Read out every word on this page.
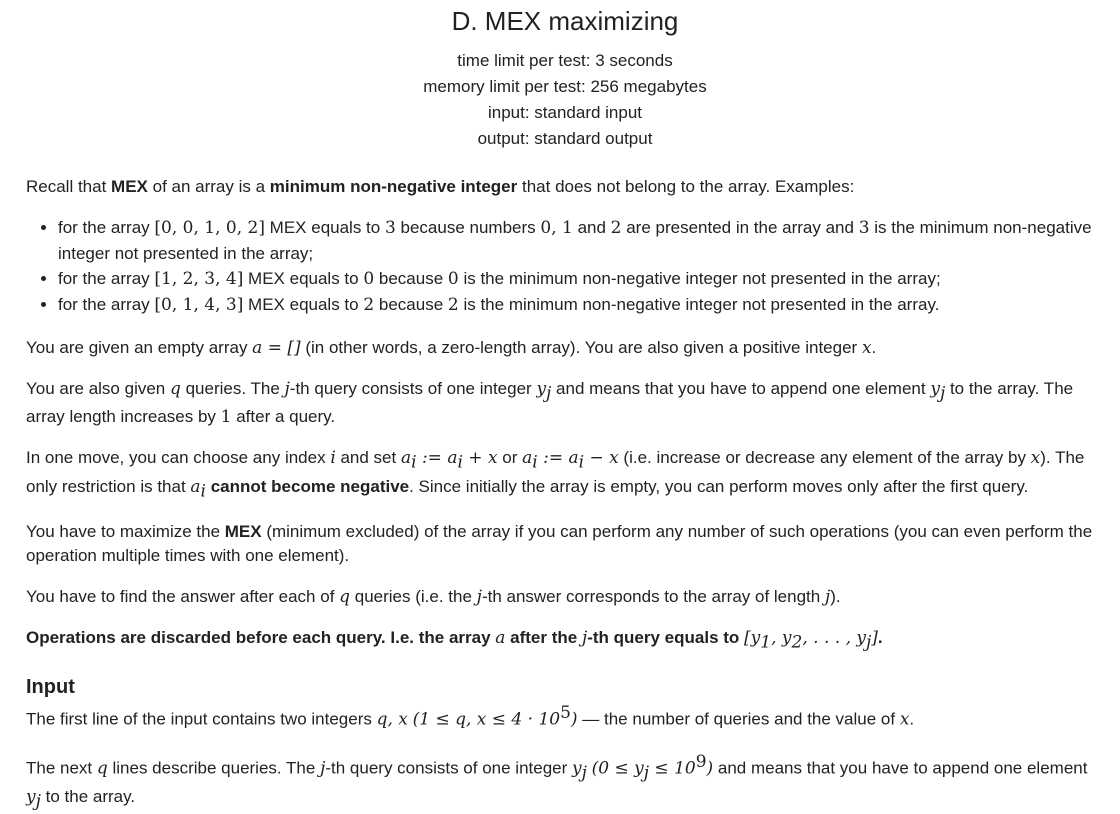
D. MEX maximizing
time limit per test: 3 seconds
memory limit per test: 256 megabytes
input: standard input
output: standard output

Recall that MEX of an array is a minimum non-negative integer that does not belong to the array. Examples:

• for the array [0, 0, 1, 0, 2] MEX equals to 3 because numbers 0, 1 and 2 are presented in the array and 3 is the minimum non-negative integer not presented in the array;
• for the array [1, 2, 3, 4] MEX equals to 0 because 0 is the minimum non-negative integer not presented in the array;
• for the array [0, 1, 4, 3] MEX equals to 2 because 2 is the minimum non-negative integer not presented in the array.

You are given an empty array a = [] (in other words, a zero-length array). You are also given a positive integer x.

You are also given q queries. The j-th query consists of one integer $y_j$ and means that you have to append one element $y_j$ to the array. The array length increases by 1 after a query.

In one move, you can choose any index i and set $a_i$ := $a_i + x$ or $a_i$ := $a_i - x$ (i.e. increase or decrease any element of the array by x). The only restriction is that $a_i$ cannot become negative. Since initially the array is empty, you can perform moves only after the first query.

You have to maximize the MEX (minimum excluded) of the array if you can perform any number of such operations (you can even perform the operation multiple times with one element).

You have to find the answer after each of q queries (i.e. the j-th answer corresponds to the array of length j).

Operations are discarded before each query. I.e. the array a after the j-th query equals to [$y_1$, $y_2$, . . . , $y_j$].

Input

The first line of the input contains two integers q, x (1 ≤ q, $x \le 4 \cdot 10^5$) — the number of queries and the value of x.

The next q lines describe queries. The j-th query consists of one integer $y_j$ $(0 \le y_j \le 10^9)$ and means that you have to append one element $y_j$ to the array.
